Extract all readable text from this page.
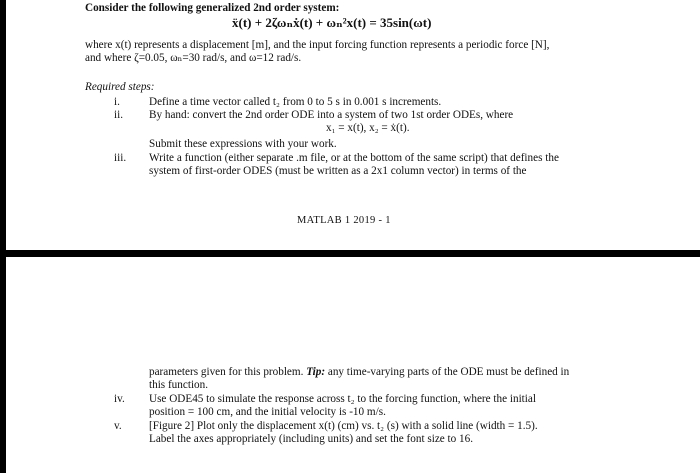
Consider the following generalized 2nd order system:
ẍ(t) + 2ζωₙẋ(t) + ωₙ²x(t) = 35sin(ωt)
where x(t) represents a displacement [m], and the input forcing function represents a periodic force [N],
and where ζ=0.05, ωₙ=30 rad/s, and ω=12 rad/s.
Required steps:
i.	Define a time vector called t₂ from 0 to 5 s in 0.001 s increments.
ii. By hand: convert the 2nd order ODE into a system of two 1st order ODEs, where
x₁ = x(t), x₂ = ẋ(t).
Submit these expressions with your work.
iii. Write a function (either separate .m file, or at the bottom of the same script) that defines the
system of first-order ODES (must be written as a 2x1 column vector) in terms of the
MATLAB 1 2019 - 1
parameters given for this problem. Tip: any time-varying parts of the ODE must be defined in
this function.
iv. Use ODE45 to simulate the response across t₂ to the forcing function, where the initial
position = 100 cm, and the initial velocity is -10 m/s.
v. [Figure 2] Plot only the displacement x(t) (cm) vs. t₂ (s) with a solid line (width = 1.5).
Label the axes appropriately (including units) and set the font size to 16.
